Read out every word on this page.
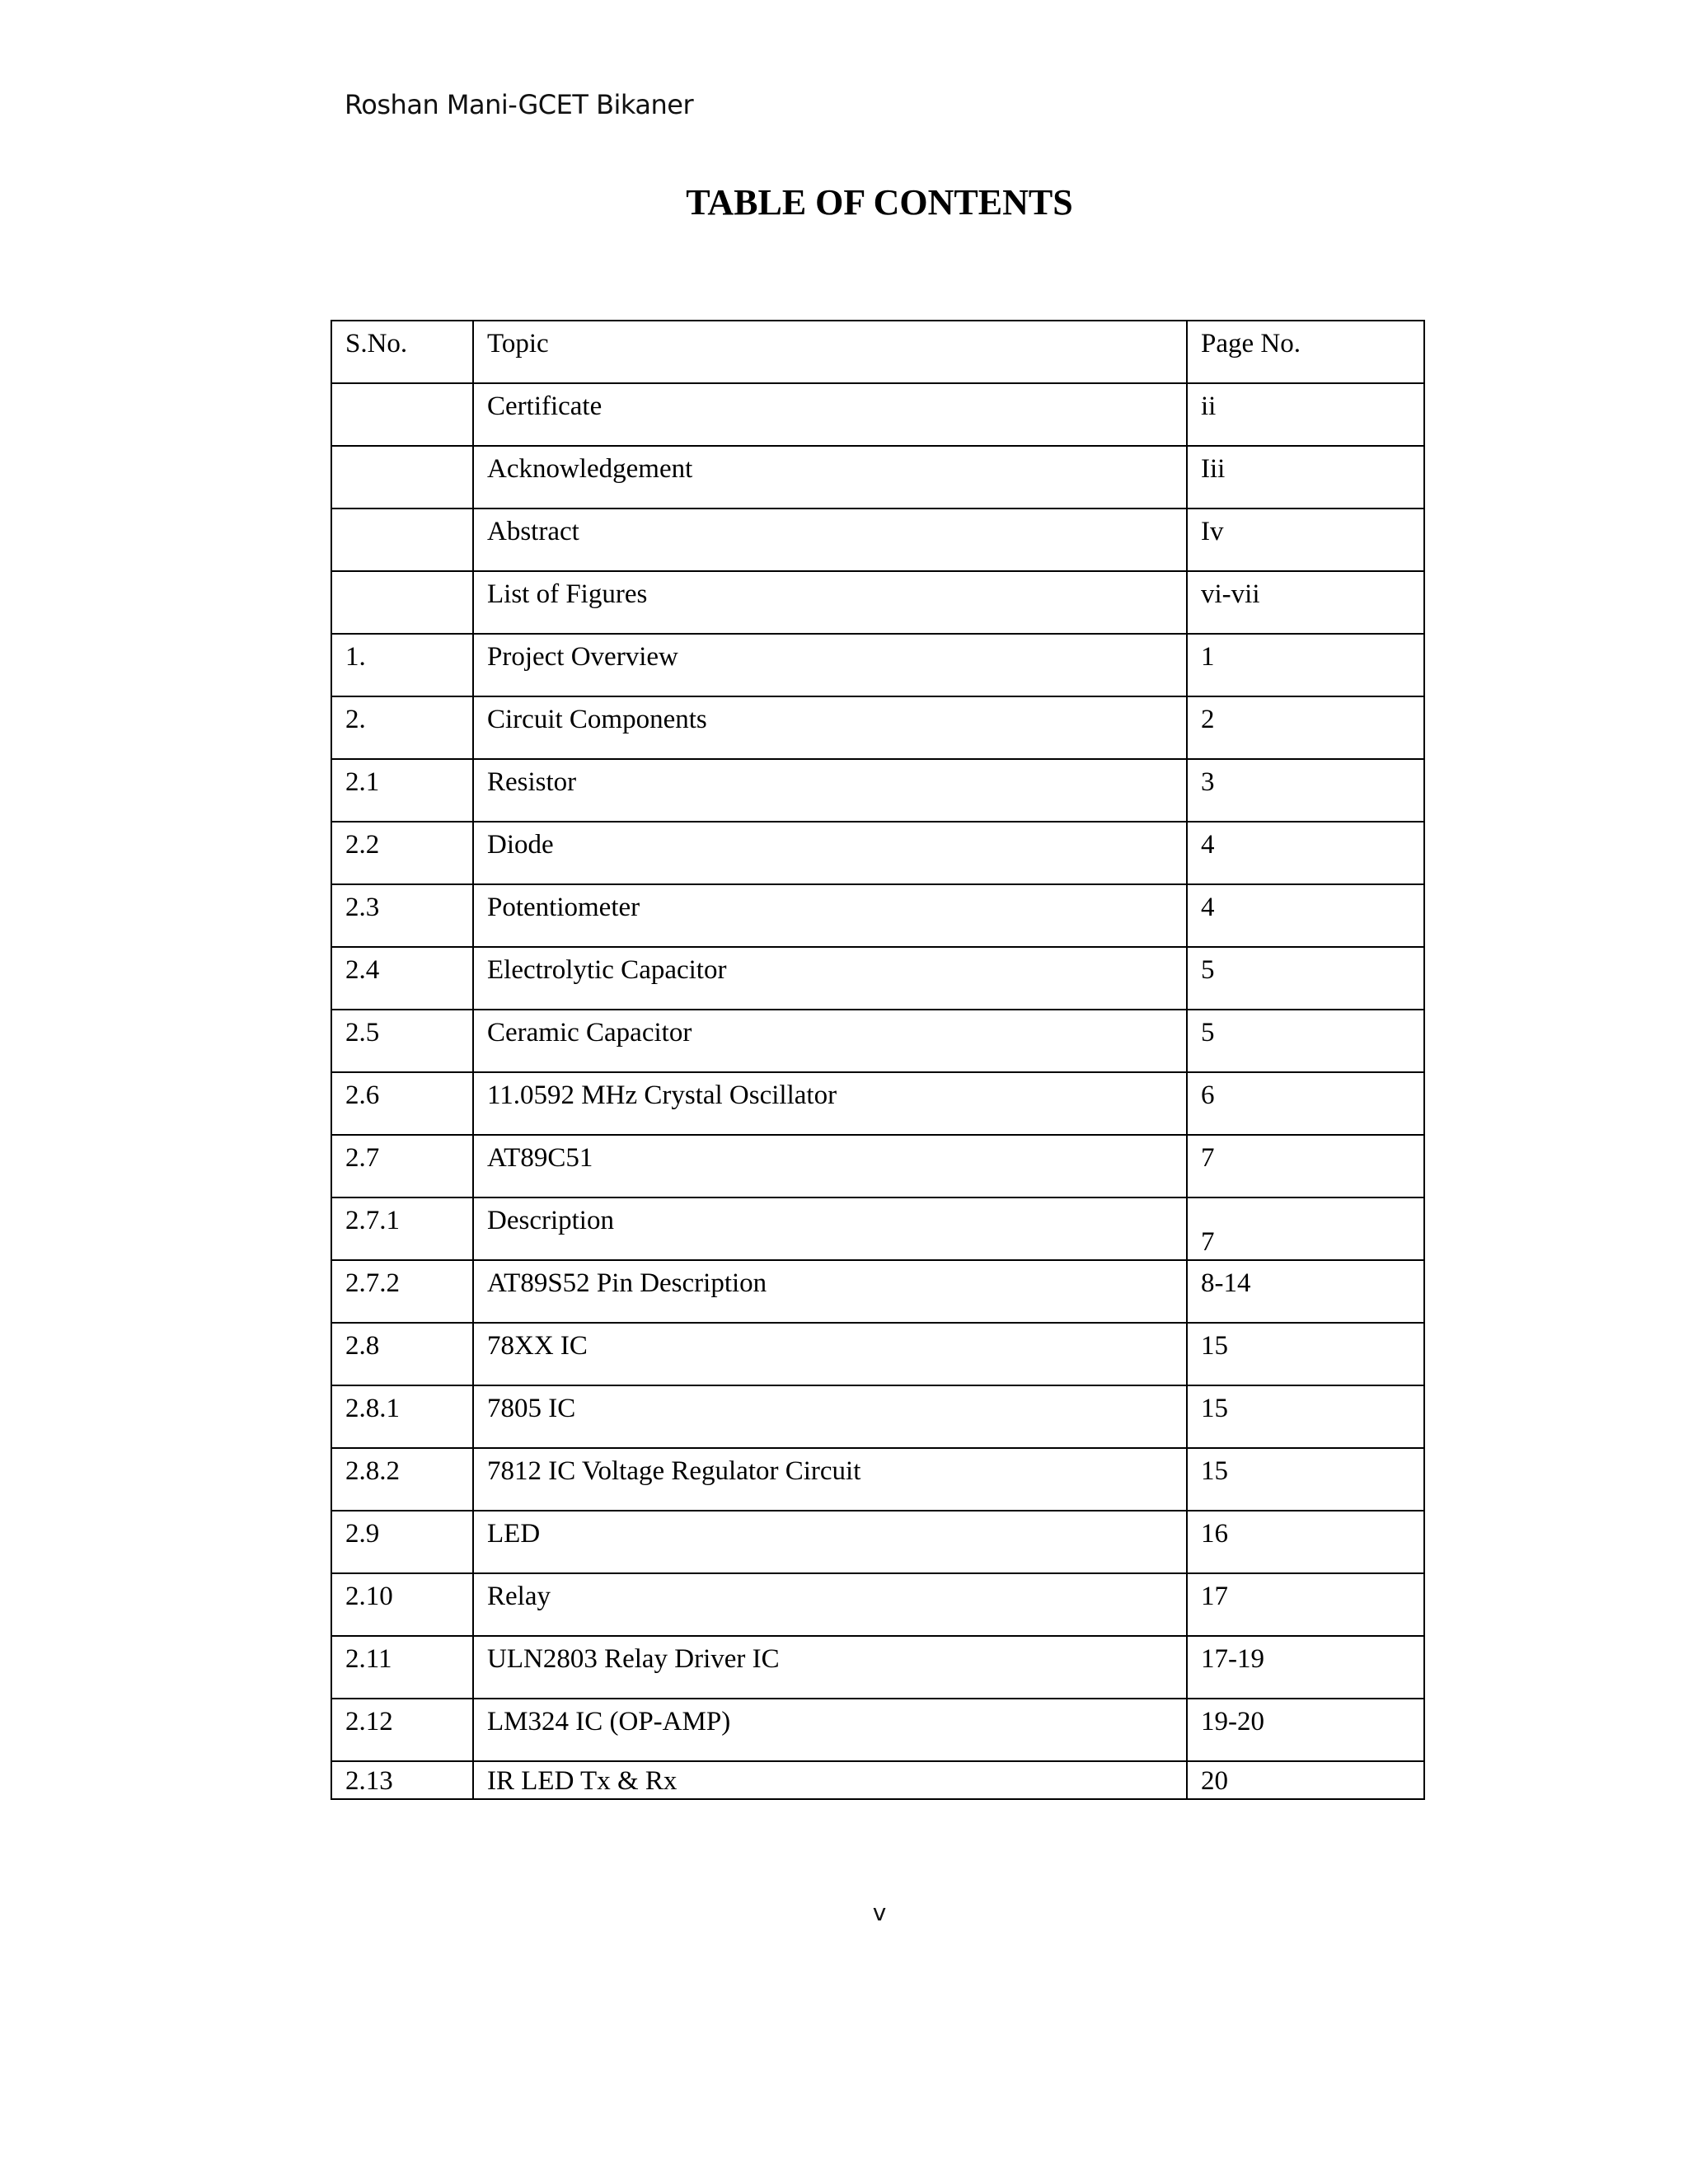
Roshan Mani-GCET Bikaner
TABLE OF CONTENTS
S.No.	Topic	Page No.
	Certificate	ii
	Acknowledgement	Iii
	Abstract	Iv
	List of Figures	vi-vii
1.	Project Overview	1
2.	Circuit Components	2
2.1	Resistor	3
2.2	Diode	4
2.3	Potentiometer	4
2.4	Electrolytic Capacitor	5
2.5	Ceramic Capacitor	5
2.6	11.0592 MHz Crystal Oscillator	6
2.7	AT89C51	7
2.7.1	Description	7
2.7.2	AT89S52 Pin Description	8-14
2.8	78XX IC	15
2.8.1	7805 IC	15
2.8.2	7812 IC Voltage Regulator Circuit	15
2.9	LED	16
2.10	Relay	17
2.11	ULN2803 Relay Driver IC	17-19
2.12	LM324 IC (OP-AMP)	19-20
2.13	IR LED Tx & Rx	20
v
